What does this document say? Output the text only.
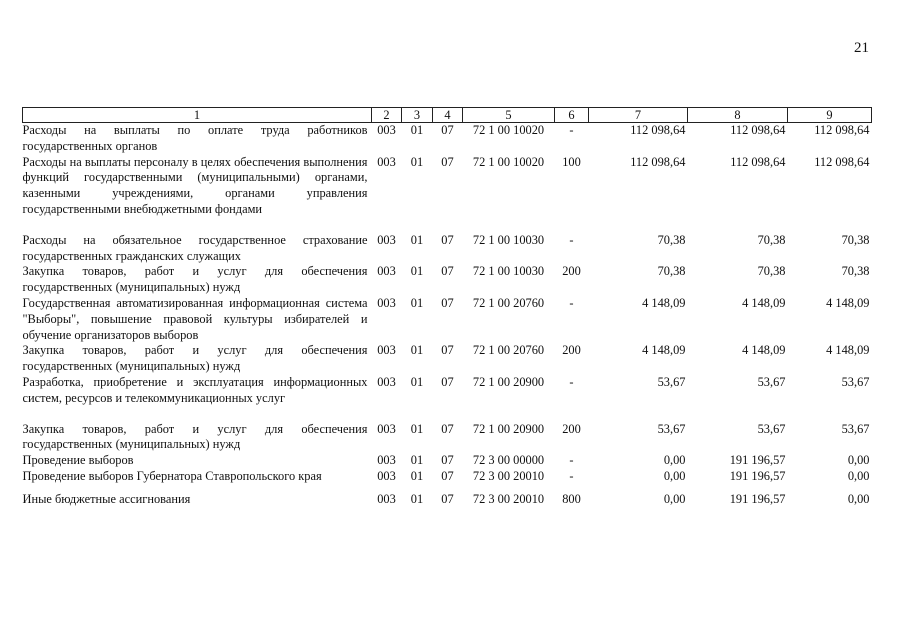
21
1	2	3	4	5	6	7	8	9
Расходы на выплаты по оплате труда работников государственных органов	003	01	07	72 1 00 10020	-	112 098,64	112 098,64	112 098,64
Расходы на выплаты персоналу в целях обеспечения выполнения функций государственными (муниципальными) органами, казенными учреждениями, органами управления государственными внебюджетными фондами	003	01	07	72 1 00 10020	100	112 098,64	112 098,64	112 098,64
Расходы на обязательное государственное страхование государственных гражданских служащих	003	01	07	72 1 00 10030	-	70,38	70,38	70,38
Закупка товаров, работ и услуг для обеспечения государственных (муниципальных) нужд	003	01	07	72 1 00 10030	200	70,38	70,38	70,38
Государственная автоматизированная информационная система "Выборы", повышение правовой культуры избирателей и обучение организаторов выборов	003	01	07	72 1 00 20760	-	4 148,09	4 148,09	4 148,09
Закупка товаров, работ и услуг для обеспечения государственных (муниципальных) нужд	003	01	07	72 1 00 20760	200	4 148,09	4 148,09	4 148,09
Разработка, приобретение и эксплуатация информационных систем, ресурсов и телекоммуникационных услуг	003	01	07	72 1 00 20900	-	53,67	53,67	53,67
Закупка товаров, работ и услуг для обеспечения государственных (муниципальных) нужд	003	01	07	72 1 00 20900	200	53,67	53,67	53,67
Проведение выборов	003	01	07	72 3 00 00000	-	0,00	191 196,57	0,00
Проведение выборов Губернатора Ставропольского края	003	01	07	72 3 00 20010	-	0,00	191 196,57	0,00
Иные бюджетные ассигнования	003	01	07	72 3 00 20010	800	0,00	191 196,57	0,00
